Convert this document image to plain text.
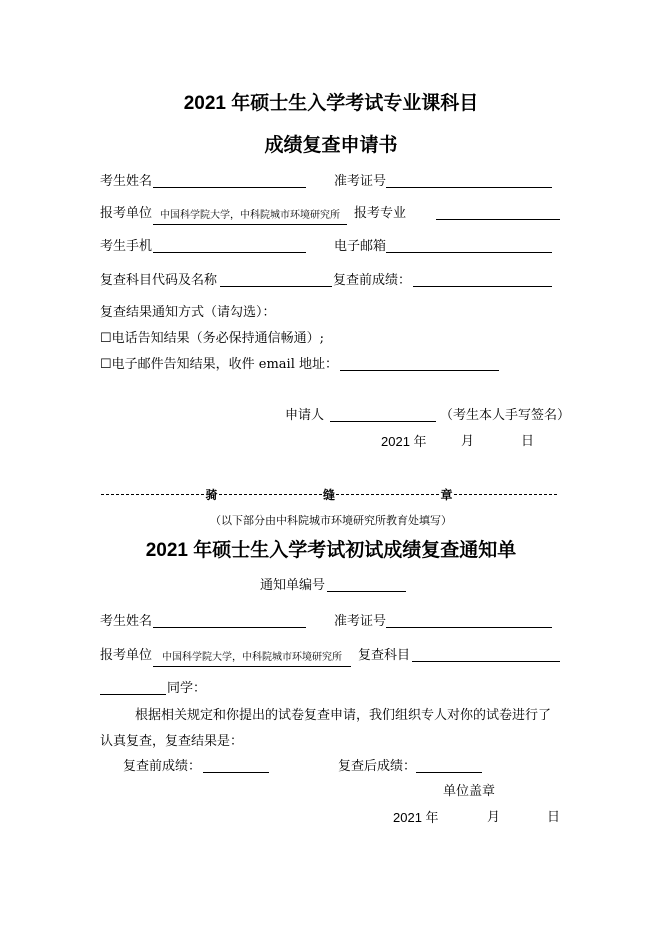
2021 年硕士生入学考试专业课科目
成绩复查申请书
考生姓名	准考证号
报考单位 中国科学院大学，中科院城市环境研究所	报考专业
考生手机	电子邮箱
复查科目代码及名称	复查前成绩：
复查结果通知方式（请勾选）：
☐电话告知结果（务必保持通信畅通）;
☐电子邮件告知结果，收件 email 地址：
申请人	（考生本人手写签名）
2021 年	月	日
骑	缝	章
（以下部分由中科院城市环境研究所教育处填写）
2021 年硕士生入学考试初试成绩复查通知单
通知单编号
考生姓名	准考证号
报考单位 中国科学院大学，中科院城市环境研究所	复查科目
同学：
根据相关规定和你提出的试卷复查申请，我们组织专人对你的试卷进行了
认真复查，复查结果是：
复查前成绩：	复查后成绩：
单位盖章
2021 年	月	日
